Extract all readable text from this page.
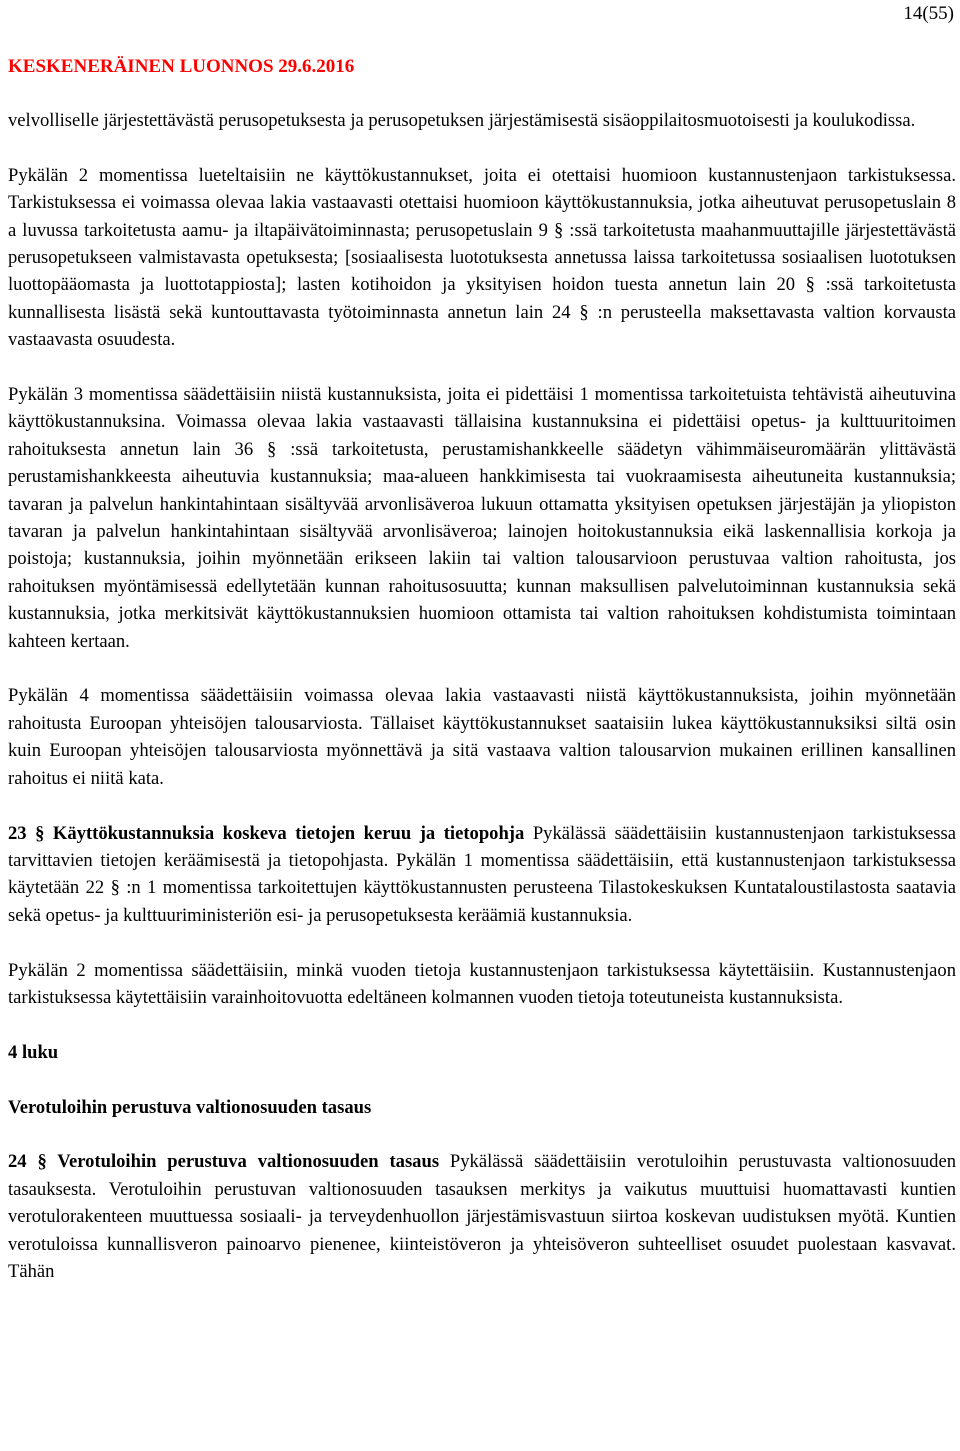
14(55)
KESKENERÄINEN LUONNOS 29.6.2016

velvolliselle järjestettävästä perusopetuksesta ja perusopetuksen järjestämisestä sisäoppilaitosmuotoisesti ja koulukodissa.

Pykälän 2 momentissa lueteltaisiin ne käyttökustannukset, joita ei otettaisi huomioon kustannustenjaon tarkistuksessa. Tarkistuksessa ei voimassa olevaa lakia vastaavasti otettaisi huomioon käyttökustannuksia, jotka aiheutuvat perusopetuslain 8 a luvussa tarkoitetusta aamu- ja iltapäivätoiminnasta; perusopetuslain 9 § :ssä tarkoitetusta maahanmuuttajille järjestettävästä perusopetukseen valmistavasta opetuksesta; [sosiaalisesta luototuksesta annetussa laissa tarkoitetussa sosiaalisen luototuksen luottopääomasta ja luottotappiosta]; lasten kotihoidon ja yksityisen hoidon tuesta annetun lain 20 § :ssä tarkoitetusta kunnallisesta lisästä sekä kuntouttavasta työtoiminnasta annetun lain 24 § :n perusteella maksettavasta valtion korvausta vastaavasta osuudesta.

Pykälän 3 momentissa säädettäisiin niistä kustannuksista, joita ei pidettäisi 1 momentissa tarkoitetuista tehtävistä aiheutuvina käyttökustannuksina. Voimassa olevaa lakia vastaavasti tällaisina kustannuksina ei pidettäisi opetus- ja kulttuuritoimen rahoituksesta annetun lain 36 § :ssä tarkoitetusta, perustamishankkeelle säädetyn vähimmäiseuromäärän ylittävästä perustamishankkeesta aiheutuvia kustannuksia; maa-alueen hankkimisesta tai vuokraamisesta aiheutuneita kustannuksia; tavaran ja palvelun hankintahintaan sisältyvää arvonlisäveroa lukuun ottamatta yksityisen opetuksen järjestäjän ja yliopiston tavaran ja palvelun hankintahintaan sisältyvää arvonlisäveroa; lainojen hoitokustannuksia eikä laskennallisia korkoja ja poistoja; kustannuksia, joihin myönnetään erikseen lakiin tai valtion talousarvioon perustuvaa valtion rahoitusta, jos rahoituksen myöntämisessä edellytetään kunnan rahoitusosuutta; kunnan maksullisen palvelutoiminnan kustannuksia sekä kustannuksia, jotka merkitsivät käyttökustannuksien huomioon ottamista tai valtion rahoituksen kohdistumista toimintaan kahteen kertaan.

Pykälän 4 momentissa säädettäisiin voimassa olevaa lakia vastaavasti niistä käyttökustannuksista, joihin myönnetään rahoitusta Euroopan yhteisöjen talousarviosta. Tällaiset käyttökustannukset saataisiin lukea käyttökustannuksiksi siltä osin kuin Euroopan yhteisöjen talousarviosta myönnettävä ja sitä vastaava valtion talousarvion mukainen erillinen kansallinen rahoitus ei niitä kata.

23 § Käyttökustannuksia koskeva tietojen keruu ja tietopohja Pykälässä säädettäisiin kustannustenjaon tarkistuksessa tarvittavien tietojen keräämisestä ja tietopohjasta. Pykälän 1 momentissa säädettäisiin, että kustannustenjaon tarkistuksessa käytetään 22 § :n 1 momentissa tarkoitettujen käyttökustannusten perusteena Tilastokeskuksen Kuntataloustilastosta saatavia sekä opetus- ja kulttuuriministeriön esi- ja perusopetuksesta keräämiä kustannuksia.

Pykälän 2 momentissa säädettäisiin, minkä vuoden tietoja kustannustenjaon tarkistuksessa käytettäisiin. Kustannustenjaon tarkistuksessa käytettäisiin varainhoitovuotta edeltäneen kolmannen vuoden tietoja toteutuneista kustannuksista.

4 luku
Verotuloihin perustuva valtionosuuden tasaus

24 § Verotuloihin perustuva valtionosuuden tasaus Pykälässä säädettäisiin verotuloihin perustuvasta valtionosuuden tasauksesta. Verotuloihin perustuvan valtionosuuden tasauksen merkitys ja vaikutus muuttuisi huomattavasti kuntien verotulorakenteen muuttuessa sosiaali- ja terveydenhuollon järjestämisvastuun siirtoa koskevan uudistuksen myötä. Kuntien verotuloissa kunnallisveron painoarvo pienenee, kiinteistöveron ja yhteisöveron suhteelliset osuudet puolestaan kasvavat. Tähän
